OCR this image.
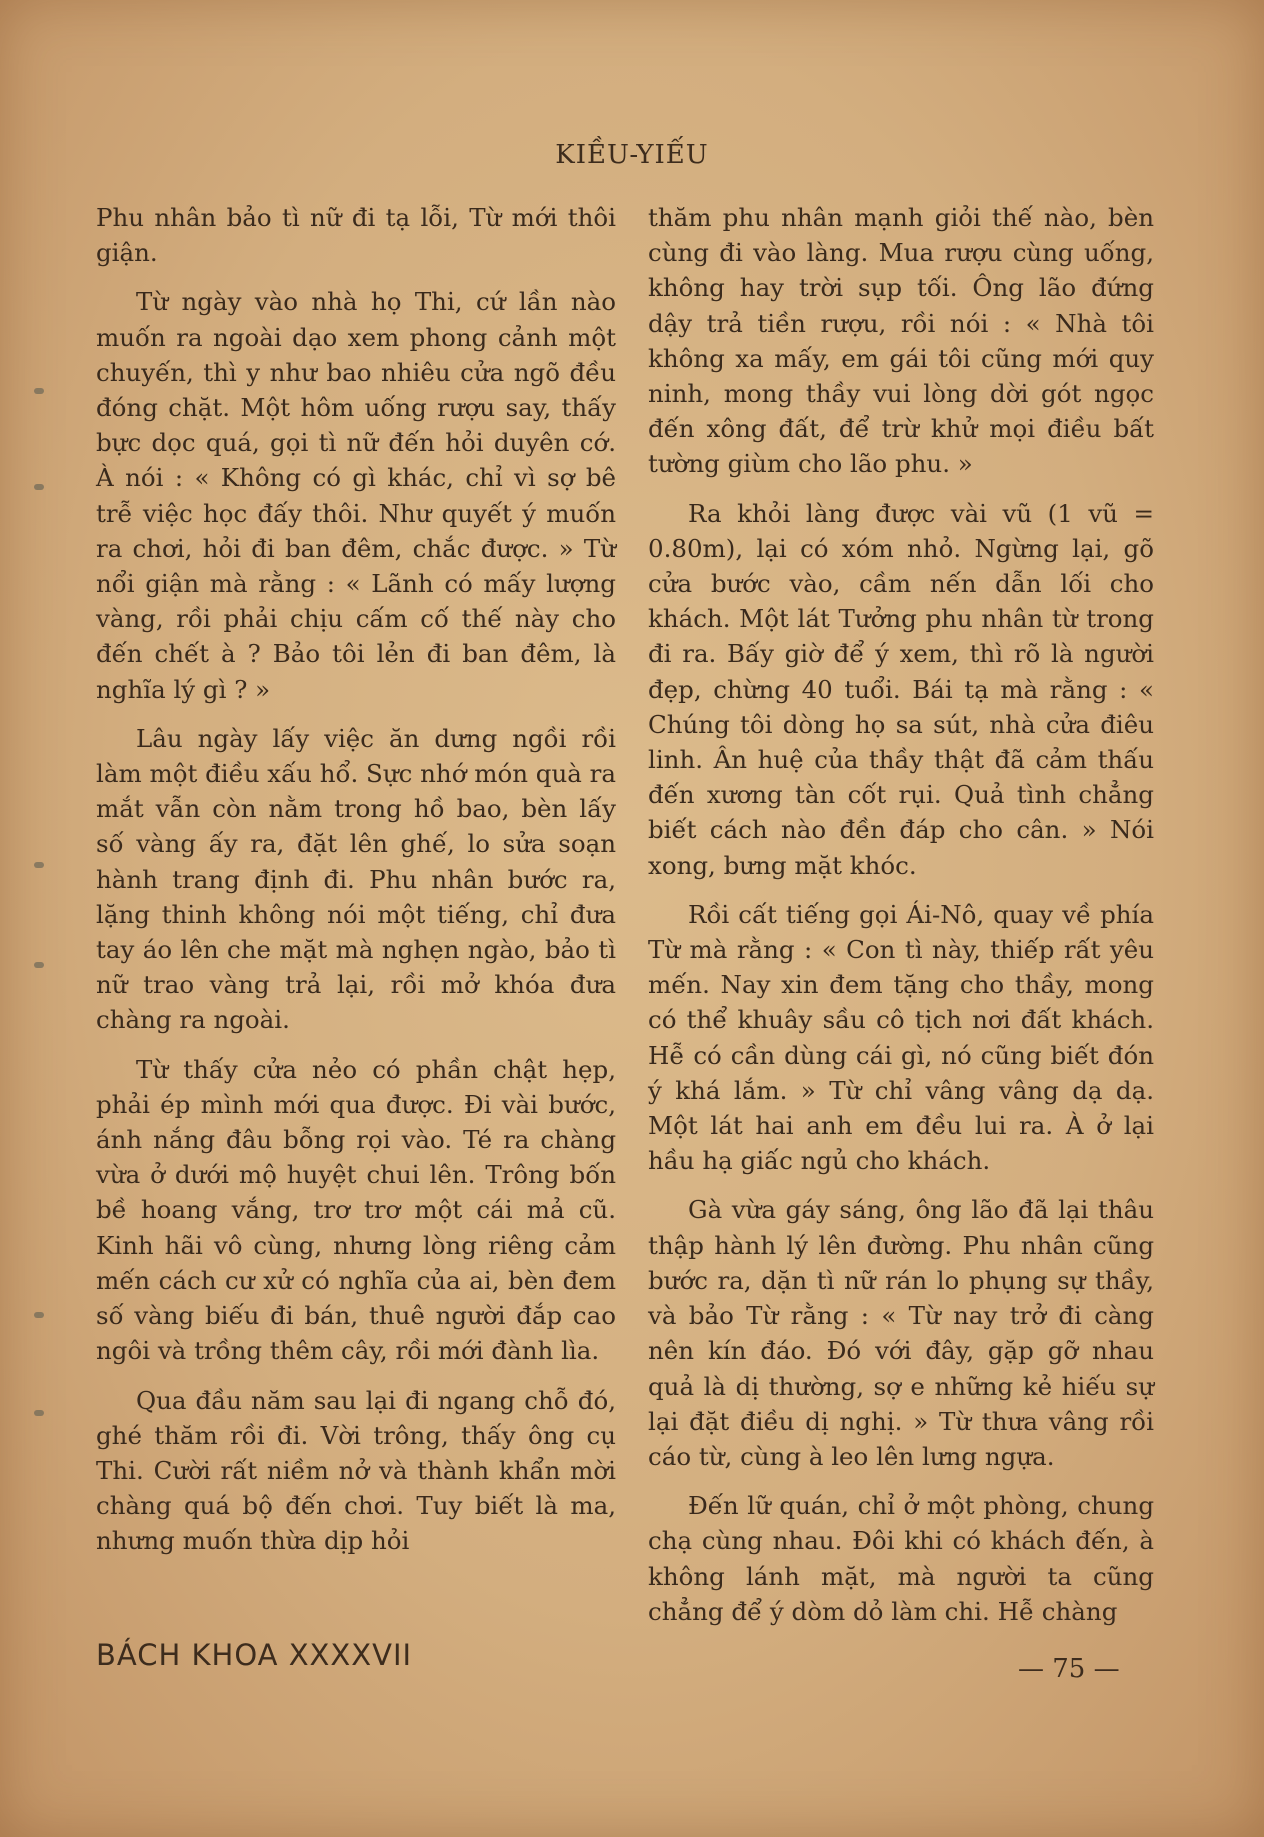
KIỀU-YIẾU

Phu nhân bảo tì nữ đi tạ lỗi, Từ mới thôi giận.

Từ ngày vào nhà họ Thi, cứ lần nào muốn ra ngoài dạo xem phong cảnh một chuyến, thì y như bao nhiêu cửa ngõ đều đóng chặt. Một hôm uống rượu say, thấy bực dọc quá, gọi tì nữ đến hỏi duyên cớ. À nói : « Không có gì khác, chỉ vì sợ bê trễ việc học đấy thôi. Như quyết ý muốn ra chơi, hỏi đi ban đêm, chắc được. » Từ nổi giận mà rằng : « Lãnh có mấy lượng vàng, rồi phải chịu cấm cố thế này cho đến chết à ? Bảo tôi lẻn đi ban đêm, là nghĩa lý gì ? »

Lâu ngày lấy việc ăn dưng ngồi rồi làm một điều xấu hổ. Sực nhớ món quà ra mắt vẫn còn nằm trong hồ bao, bèn lấy số vàng ấy ra, đặt lên ghế, lo sửa soạn hành trang định đi. Phu nhân bước ra, lặng thinh không nói một tiếng, chỉ đưa tay áo lên che mặt mà nghẹn ngào, bảo tì nữ trao vàng trả lại, rồi mở khóa đưa chàng ra ngoài.

Từ thấy cửa nẻo có phần chật hẹp, phải ép mình mới qua được. Đi vài bước, ánh nắng đâu bỗng rọi vào. Té ra chàng vừa ở dưới mộ huyệt chui lên. Trông bốn bề hoang vắng, trơ trơ một cái mả cũ. Kinh hãi vô cùng, nhưng lòng riêng cảm mến cách cư xử có nghĩa của ai, bèn đem số vàng biếu đi bán, thuê người đắp cao ngôi và trồng thêm cây, rồi mới đành lìa.

Qua đầu năm sau lại đi ngang chỗ đó, ghé thăm rồi đi. Vời trông, thấy ông cụ Thi. Cười rất niềm nở và thành khẩn mời chàng quá bộ đến chơi. Tuy biết là ma, nhưng muốn thừa dịp hỏi

thăm phu nhân mạnh giỏi thế nào, bèn cùng đi vào làng. Mua rượu cùng uống, không hay trời sụp tối. Ông lão đứng dậy trả tiền rượu, rồi nói : « Nhà tôi không xa mấy, em gái tôi cũng mới quy ninh, mong thầy vui lòng dời gót ngọc đến xông đất, để trừ khử mọi điều bất tường giùm cho lão phu. »

Ra khỏi làng được vài vũ (1 vũ = 0.80m), lại có xóm nhỏ. Ngừng lại, gõ cửa bước vào, cầm nến dẫn lối cho khách. Một lát Tưởng phu nhân từ trong đi ra. Bấy giờ để ý xem, thì rõ là người đẹp, chừng 40 tuổi. Bái tạ mà rằng : « Chúng tôi dòng họ sa sút, nhà cửa điêu linh. Ân huệ của thầy thật đã cảm thấu đến xương tàn cốt rụi. Quả tình chẳng biết cách nào đền đáp cho cân. » Nói xong, bưng mặt khóc.

Rồi cất tiếng gọi Ái-Nô, quay về phía Từ mà rằng : « Con tì này, thiếp rất yêu mến. Nay xin đem tặng cho thầy, mong có thể khuây sầu cô tịch nơi đất khách. Hễ có cần dùng cái gì, nó cũng biết đón ý khá lắm. » Từ chỉ vâng vâng dạ dạ. Một lát hai anh em đều lui ra. À ở lại hầu hạ giấc ngủ cho khách.

Gà vừa gáy sáng, ông lão đã lại thâu thập hành lý lên đường. Phu nhân cũng bước ra, dặn tì nữ rán lo phụng sự thầy, và bảo Từ rằng : « Từ nay trở đi càng nên kín đáo. Đó với đây, gặp gỡ nhau quả là dị thường, sợ e những kẻ hiếu sự lại đặt điều dị nghị. » Từ thưa vâng rồi cáo từ, cùng à leo lên lưng ngựa.

Đến lữ quán, chỉ ở một phòng, chung chạ cùng nhau. Đôi khi có khách đến, à không lánh mặt, mà người ta cũng chẳng để ý dòm dỏ làm chi. Hễ chàng

BÁCH KHOA XXXXVII	— 75 —
